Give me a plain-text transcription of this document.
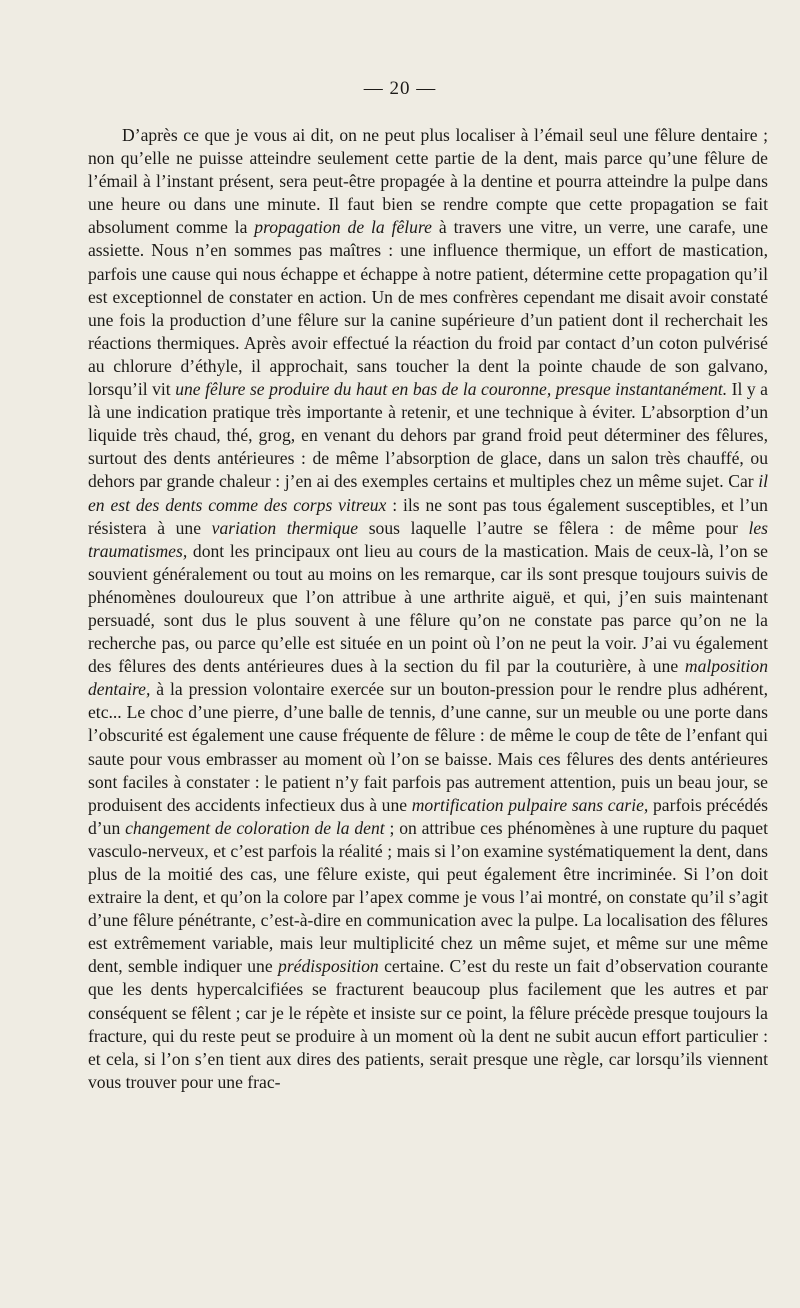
— 20 —

D’après ce que je vous ai dit, on ne peut plus localiser à l’émail seul une fêlure dentaire ; non qu’elle ne puisse atteindre seulement cette partie de la dent, mais parce qu’une fêlure de l’émail à l’instant présent, sera peut-être propagée à la dentine et pourra atteindre la pulpe dans une heure ou dans une minute. Il faut bien se rendre compte que cette propagation se fait absolument comme la propagation de la fêlure à travers une vitre, un verre, une carafe, une assiette. Nous n’en sommes pas maîtres : une influence thermique, un effort de mastication, parfois une cause qui nous échappe et échappe à notre patient, détermine cette propagation qu’il est exceptionnel de constater en action. Un de mes confrères cependant me disait avoir constaté une fois la production d’une fêlure sur la canine supérieure d’un patient dont il recherchait les réactions thermiques. Après avoir effectué la réaction du froid par contact d’un coton pulvérisé au chlorure d’éthyle, il approchait, sans toucher la dent la pointe chaude de son galvano, lorsqu’il vit une fêlure se produire du haut en bas de la couronne, presque instantanément. Il y a là une indication pratique très importante à retenir, et une technique à éviter. L’absorption d’un liquide très chaud, thé, grog, en venant du dehors par grand froid peut déterminer des fêlures, surtout des dents antérieures : de même l’absorption de glace, dans un salon très chauffé, ou dehors par grande chaleur : j’en ai des exemples certains et multiples chez un même sujet. Car il en est des dents comme des corps vitreux : ils ne sont pas tous également susceptibles, et l’un résistera à une variation thermique sous laquelle l’autre se fêlera : de même pour les traumatismes, dont les principaux ont lieu au cours de la mastication. Mais de ceux-là, l’on se souvient généralement ou tout au moins on les remarque, car ils sont presque toujours suivis de phénomènes douloureux que l’on attribue à une arthrite aiguë, et qui, j’en suis maintenant persuadé, sont dus le plus souvent à une fêlure qu’on ne constate pas parce qu’on ne la recherche pas, ou parce qu’elle est située en un point où l’on ne peut la voir. J’ai vu également des fêlures des dents antérieures dues à la section du fil par la couturière, à une malposition dentaire, à la pression volontaire exercée sur un bouton-pression pour le rendre plus adhérent, etc... Le choc d’une pierre, d’une balle de tennis, d’une canne, sur un meuble ou une porte dans l’obscurité est également une cause fréquente de fêlure : de même le coup de tête de l’enfant qui saute pour vous embrasser au moment où l’on se baisse. Mais ces fêlures des dents antérieures sont faciles à constater : le patient n’y fait parfois pas autrement attention, puis un beau jour, se produisent des accidents infectieux dus à une mortification pulpaire sans carie, parfois précédés d’un changement de coloration de la dent ; on attribue ces phénomènes à une rupture du paquet vasculo-nerveux, et c’est parfois la réalité ; mais si l’on examine systématiquement la dent, dans plus de la moitié des cas, une fêlure existe, qui peut également être incriminée. Si l’on doit extraire la dent, et qu’on la colore par l’apex comme je vous l’ai montré, on constate qu’il s’agit d’une fêlure pénétrante, c’est-à-dire en communication avec la pulpe. La localisation des fêlures est extrêmement variable, mais leur multiplicité chez un même sujet, et même sur une même dent, semble indiquer une prédisposition certaine. C’est du reste un fait d’observation courante que les dents hypercalcifiées se fracturent beaucoup plus facilement que les autres et par conséquent se fêlent ; car je le répète et insiste sur ce point, la fêlure précède presque toujours la fracture, qui du reste peut se produire à un moment où la dent ne subit aucun effort particulier : et cela, si l’on s’en tient aux dires des patients, serait presque une règle, car lorsqu’ils viennent vous trouver pour une frac-
